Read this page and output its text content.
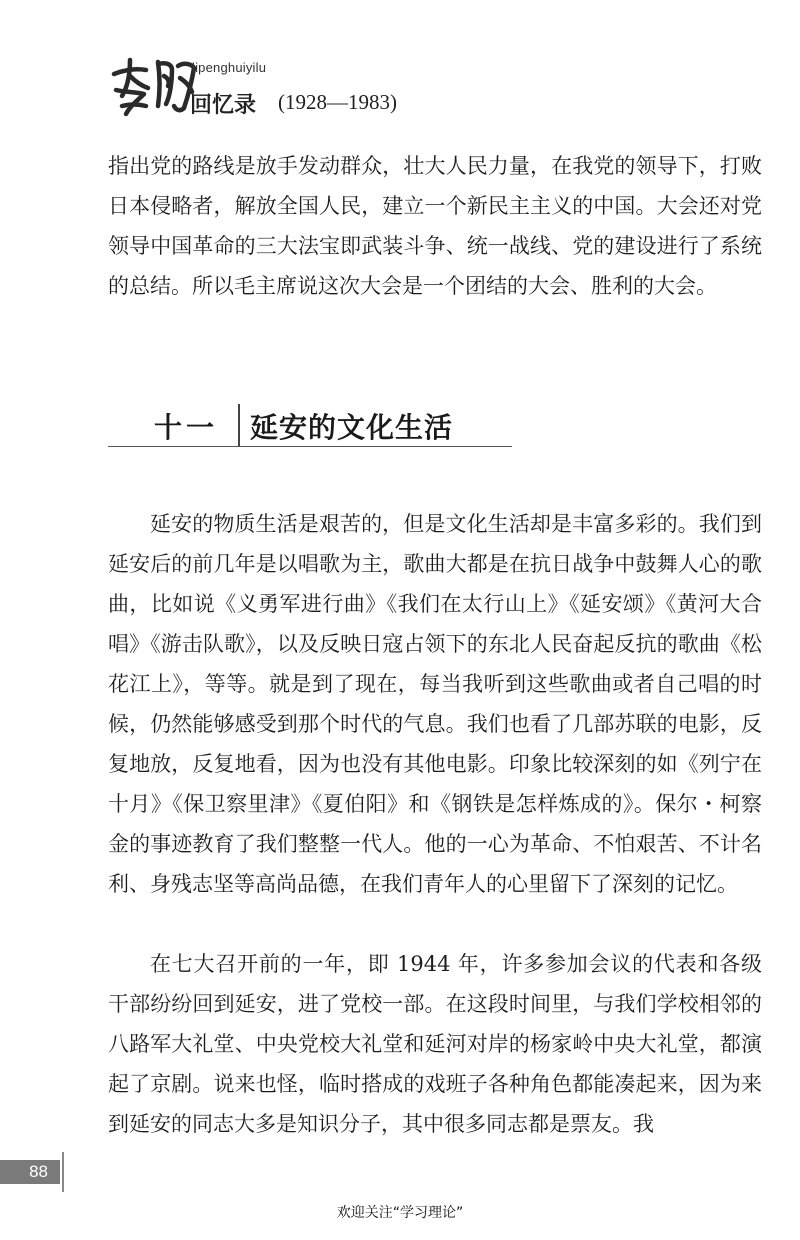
lipenghuiyilu
回忆录 (1928—1983)

指出党的路线是放手发动群众，壮大人民力量，在我党的领导下，打败日本侵略者，解放全国人民，建立一个新民主主义的中国。大会还对党领导中国革命的三大法宝即武装斗争、统一战线、党的建设进行了系统的总结。所以毛主席说这次大会是一个团结的大会、胜利的大会。

十一 延安的文化生活

延安的物质生活是艰苦的，但是文化生活却是丰富多彩的。我们到延安后的前几年是以唱歌为主，歌曲大都是在抗日战争中鼓舞人心的歌曲，比如说《义勇军进行曲》《我们在太行山上》《延安颂》《黄河大合唱》《游击队歌》，以及反映日寇占领下的东北人民奋起反抗的歌曲《松花江上》，等等。就是到了现在，每当我听到这些歌曲或者自己唱的时候，仍然能够感受到那个时代的气息。我们也看了几部苏联的电影，反复地放，反复地看，因为也没有其他电影。印象比较深刻的如《列宁在十月》《保卫察里津》《夏伯阳》和《钢铁是怎样炼成的》。保尔・柯察金的事迹教育了我们整整一代人。他的一心为革命、不怕艰苦、不计名利、身残志坚等高尚品德，在我们青年人的心里留下了深刻的记忆。

在七大召开前的一年，即 1944 年，许多参加会议的代表和各级干部纷纷回到延安，进了党校一部。在这段时间里，与我们学校相邻的八路军大礼堂、中央党校大礼堂和延河对岸的杨家岭中央大礼堂，都演起了京剧。说来也怪，临时搭成的戏班子各种角色都能凑起来，因为来到延安的同志大多是知识分子，其中很多同志都是票友。我

88
欢迎关注“学习理论”
